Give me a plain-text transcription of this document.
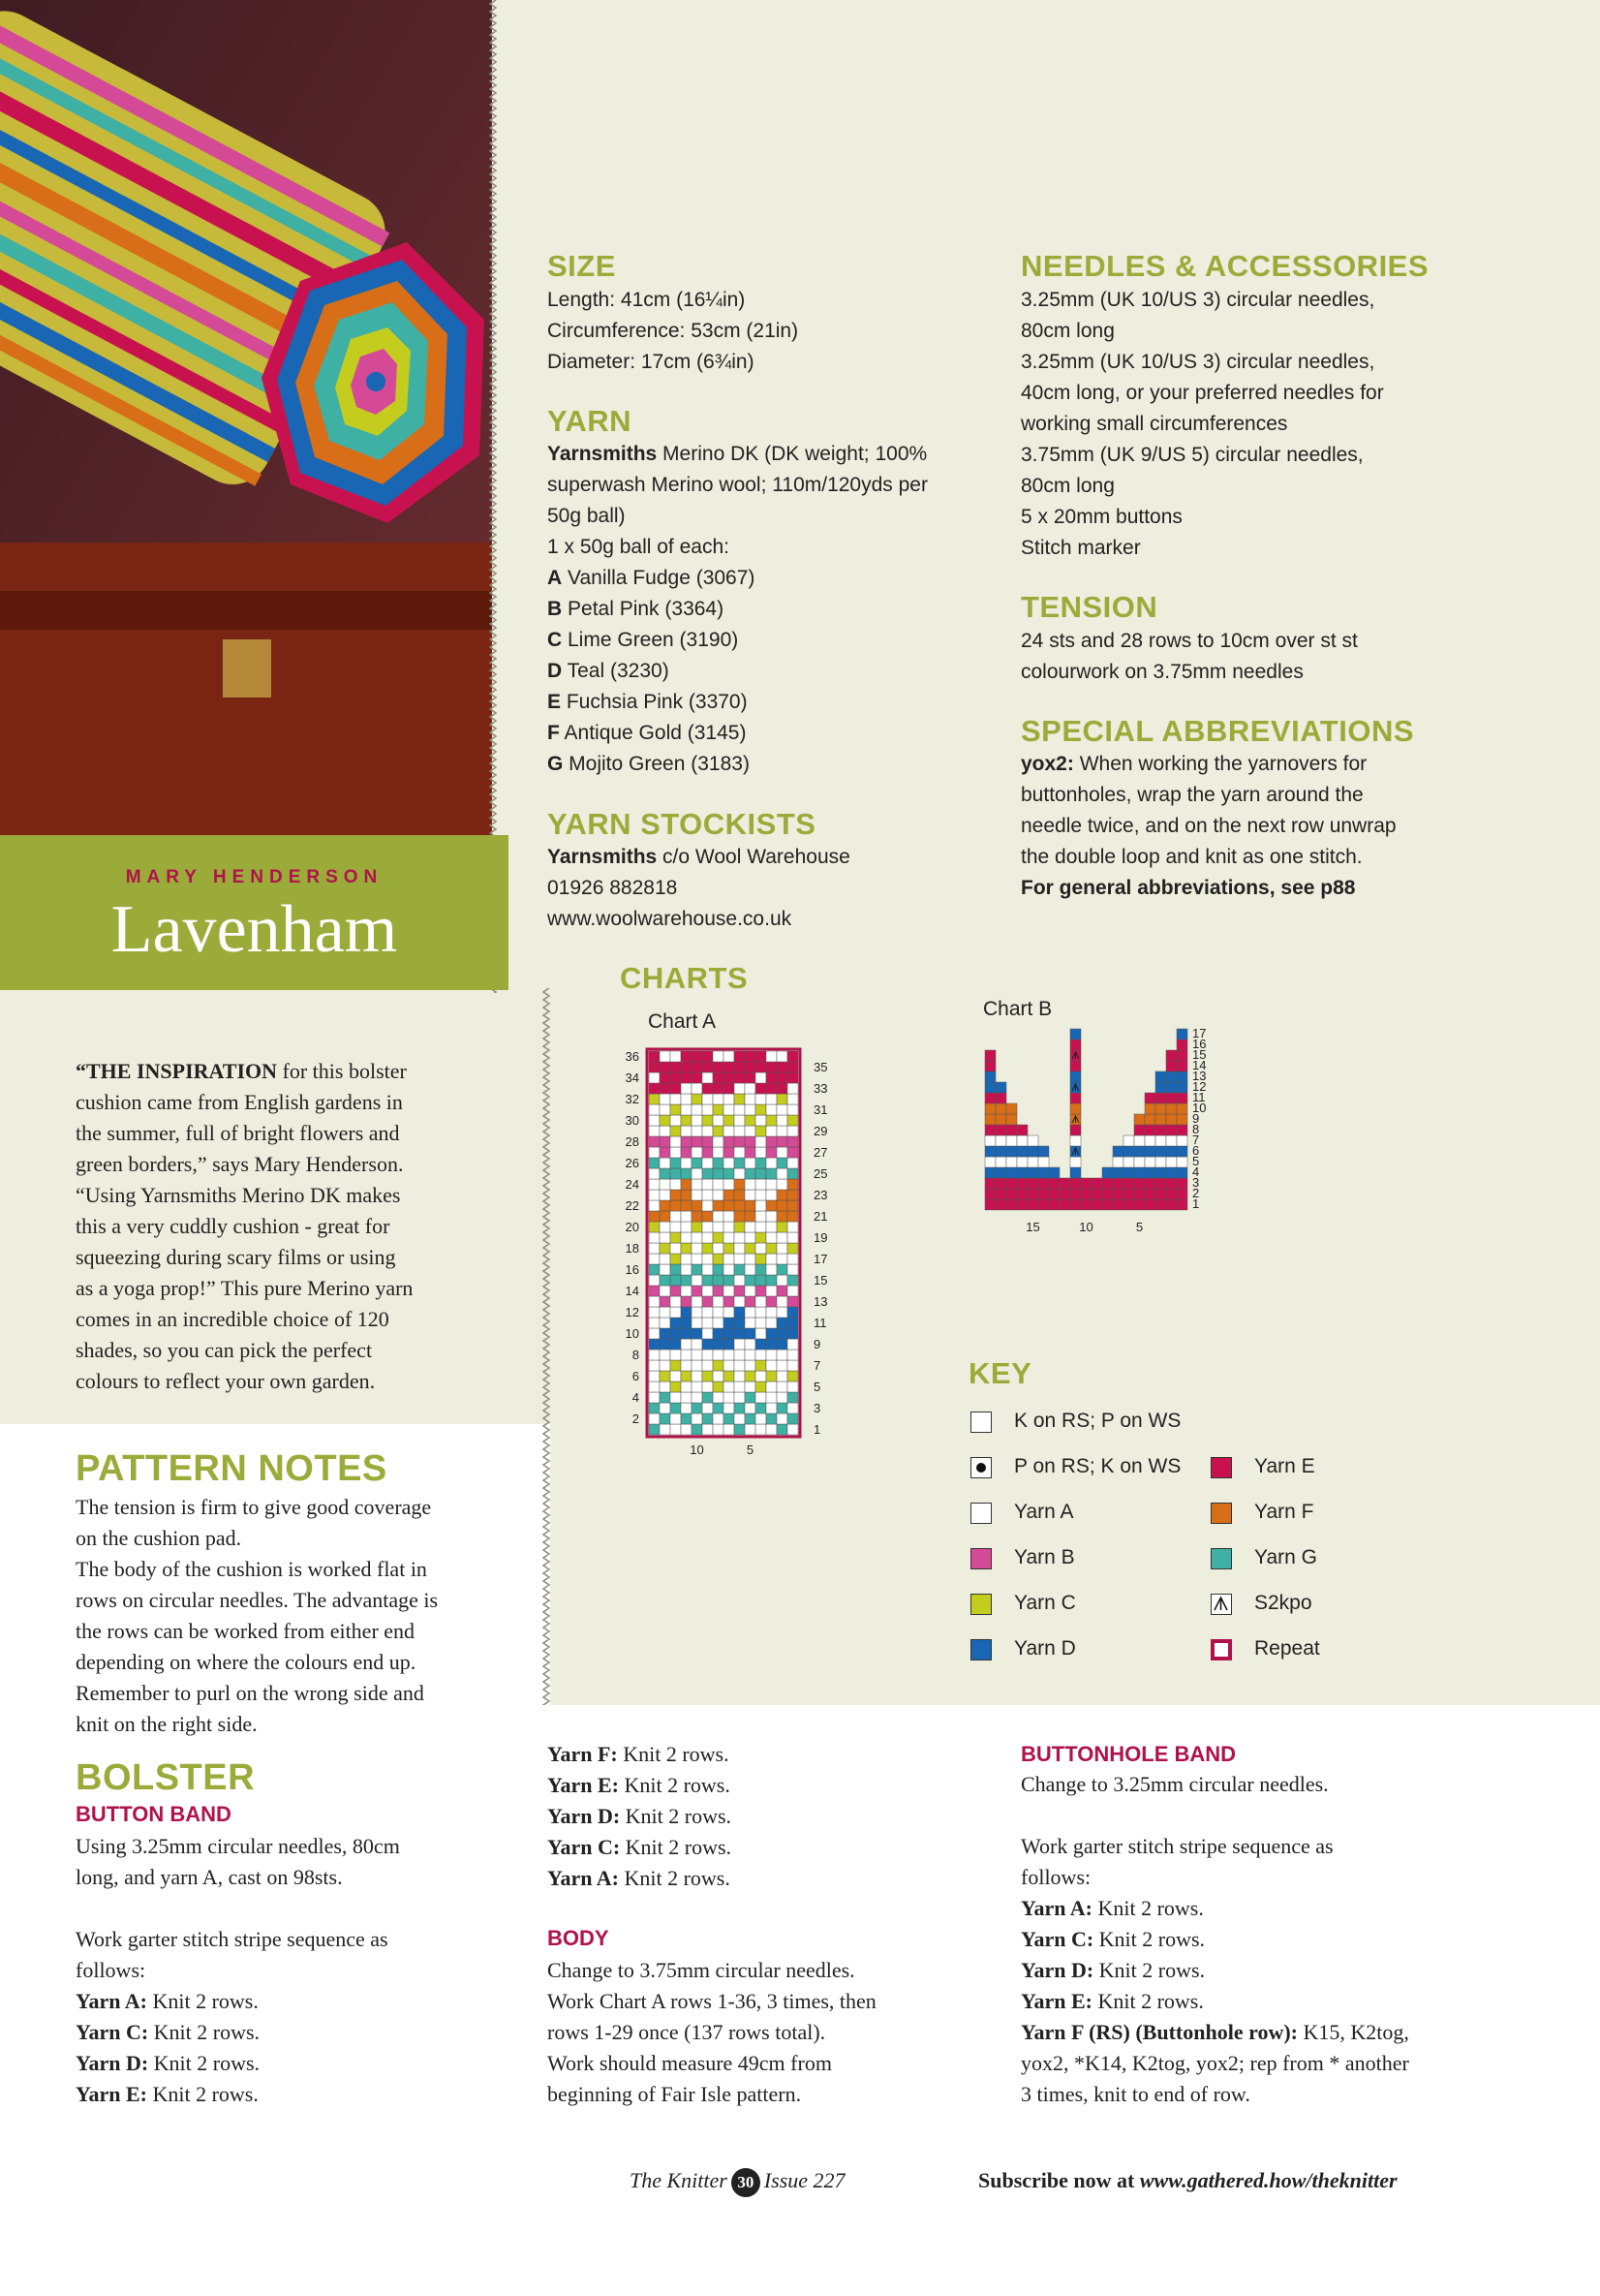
MARY HENDERSON
Lavenham
“THE INSPIRATION for this bolster
cushion came from English gardens in
the summer, full of bright flowers and
green borders,” says Mary Henderson.
“Using Yarnsmiths Merino DK makes
this a very cuddly cushion - great for
squeezing during scary films or using
as a yoga prop!” This pure Merino yarn
comes in an incredible choice of 120
shades, so you can pick the perfect
colours to reflect your own garden.
PATTERN NOTES
The tension is firm to give good coverage
on the cushion pad.
The body of the cushion is worked flat in
rows on circular needles. The advantage is
the rows can be worked from either end
depending on where the colours end up.
Remember to purl on the wrong side and
knit on the right side.
BOLSTER
BUTTON BAND
Using 3.25mm circular needles, 80cm
long, and yarn A, cast on 98sts.

Work garter stitch stripe sequence as
follows:
Yarn A: Knit 2 rows.
Yarn C: Knit 2 rows.
Yarn D: Knit 2 rows.
Yarn E: Knit 2 rows.
Yarn F: Knit 2 rows.
Yarn E: Knit 2 rows.
Yarn D: Knit 2 rows.
Yarn C: Knit 2 rows.
Yarn A: Knit 2 rows.
BODY
Change to 3.75mm circular needles.
Work Chart A rows 1-36, 3 times, then
rows 1-29 once (137 rows total).
Work should measure 49cm from
beginning of Fair Isle pattern.
BUTTONHOLE BAND
Change to 3.25mm circular needles.

Work garter stitch stripe sequence as
follows:
Yarn A: Knit 2 rows.
Yarn C: Knit 2 rows.
Yarn D: Knit 2 rows.
Yarn E: Knit 2 rows.
Yarn F (RS) (Buttonhole row): K15, K2tog,
yox2, *K14, K2tog, yox2; rep from * another
3 times, knit to end of row.
SIZE
Length: 41cm (16¼in)
Circumference: 53cm (21in)
Diameter: 17cm (6¾in)
YARN
Yarnsmiths Merino DK (DK weight; 100%
superwash Merino wool; 110m/120yds per
50g ball)
1 x 50g ball of each:
A Vanilla Fudge (3067)
B Petal Pink (3364)
C Lime Green (3190)
D Teal (3230)
E Fuchsia Pink (3370)
F Antique Gold (3145)
G Mojito Green (3183)
YARN STOCKISTS
Yarnsmiths c/o Wool Warehouse
01926 882818
www.woolwarehouse.co.uk
NEEDLES & ACCESSORIES
3.25mm (UK 10/US 3) circular needles,
80cm long
3.25mm (UK 10/US 3) circular needles,
40cm long, or your preferred needles for
working small circumferences
3.75mm (UK 9/US 5) circular needles,
80cm long
5 x 20mm buttons
Stitch marker
TENSION
24 sts and 28 rows to 10cm over st st
colourwork on 3.75mm needles
SPECIAL ABBREVIATIONS
yox2: When working the yarnovers for
buttonholes, wrap the yarn around the
needle twice, and on the next row unwrap
the double loop and knit as one stitch.
For general abbreviations, see p88
CHARTS
Chart A
Chart B
36
34
32
30
28
26
24
22
20
18
16
14
12
10
8
6
4
2
35
33
31
29
27
25
23
21
19
17
15
13
11
9
7
5
3
1
10	5
17
16
15
14
13
12
11
10
9
8
7
6
5
4
3
2
1
15	10	5
KEY
K on RS; P on WS
P on RS; K on WS
Yarn A
Yarn B
Yarn C
Yarn D
Yarn E
Yarn F
Yarn G
S2kpo
Repeat
The Knitter 30 Issue 227	Subscribe now at www.gathered.how/theknitter
